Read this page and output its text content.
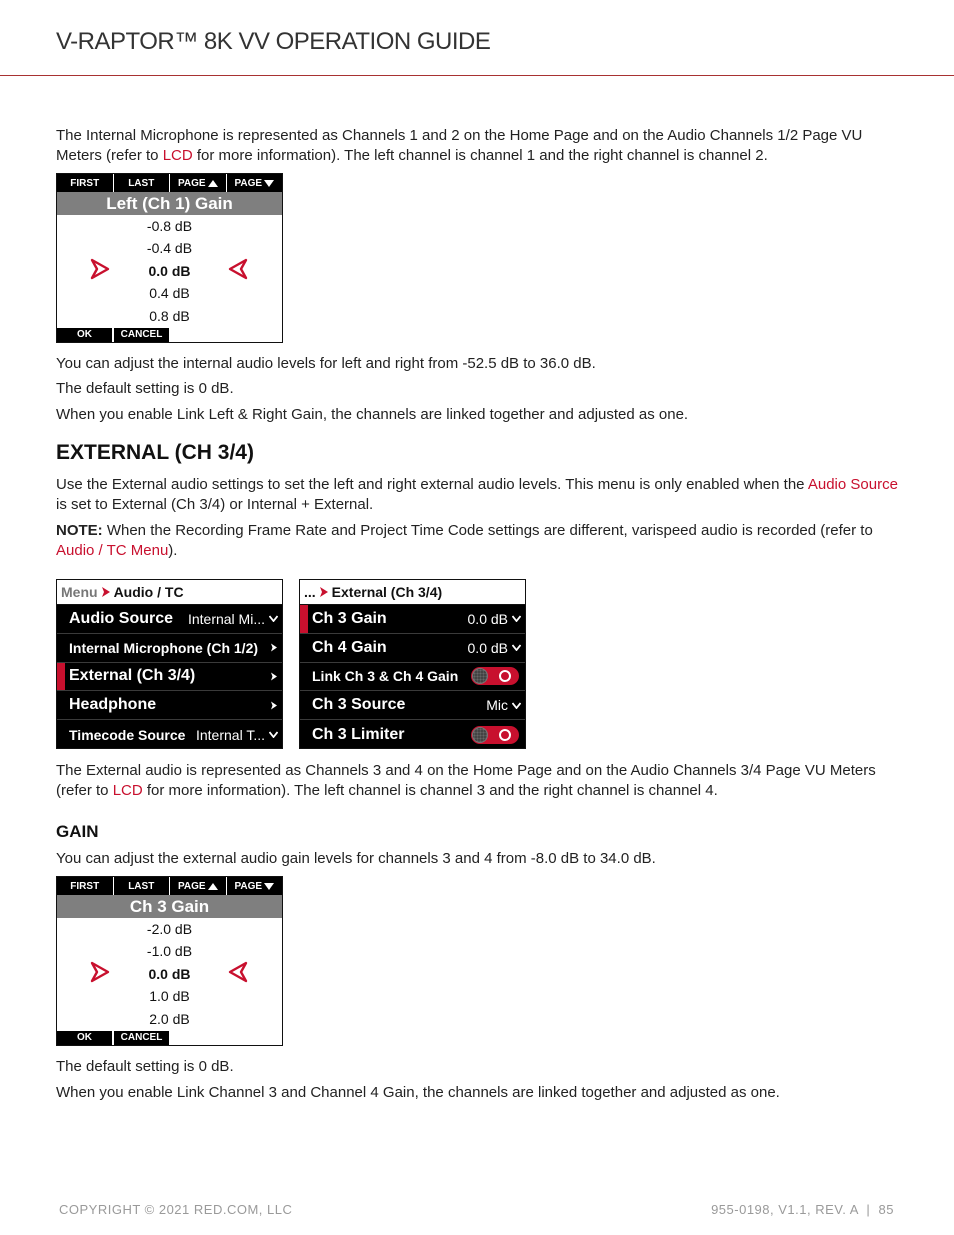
V-RAPTOR™ 8K VV OPERATION GUIDE

The Internal Microphone is represented as Channels 1 and 2 on the Home Page and on the Audio Channels 1/2 Page VU Meters (refer to LCD for more information). The left channel is channel 1 and the right channel is channel 2.

FIRST	LAST PAGE	PAGE
Left (Ch 1) Gain
-0.8 dB
-0.4 dB
0.0 dB
0.4 dB
0.8 dB
OK	CANCEL

You can adjust the internal audio levels for left and right from -52.5 dB to 36.0 dB.

The default setting is 0 dB.

When you enable Link Left & Right Gain, the channels are linked together and adjusted as one.

EXTERNAL (CH 3/4)

Use the External audio settings to set the left and right external audio levels. This menu is only enabled when the Audio Source is set to External (Ch 3/4) or Internal + External.

NOTE: When the Recording Frame Rate and Project Time Code settings are different, varispeed audio is recorded (refer to Audio / TC Menu).

Menu Audio / TC
Audio Source	Internal Mi...
Internal Microphone (Ch 1/2)
External (Ch 3/4)
Headphone
Timecode Source Internal T...
... External (Ch 3/4)
Ch 3 Gain	0.0 dB
Ch 4 Gain	0.0 dB
Link Ch 3 & Ch 4 Gain
Ch 3 Source	Mic
Ch 3 Limiter

The External audio is represented as Channels 3 and 4 on the Home Page and on the Audio Channels 3/4 Page VU Meters (refer to LCD for more information). The left channel is channel 3 and the right channel is channel 4.

GAIN

You can adjust the external audio gain levels for channels 3 and 4 from -8.0 dB to 34.0 dB.

FIRST	LAST PAGE	PAGE
Ch 3 Gain
-2.0 dB
-1.0 dB
0.0 dB
1.0 dB
2.0 dB
OK	CANCEL

The default setting is 0 dB.

When you enable Link Channel 3 and Channel 4 Gain, the channels are linked together and adjusted as one.

COPYRIGHT © 2021 RED.COM, LLC	955-0198, V1.1, REV. A  |  85
